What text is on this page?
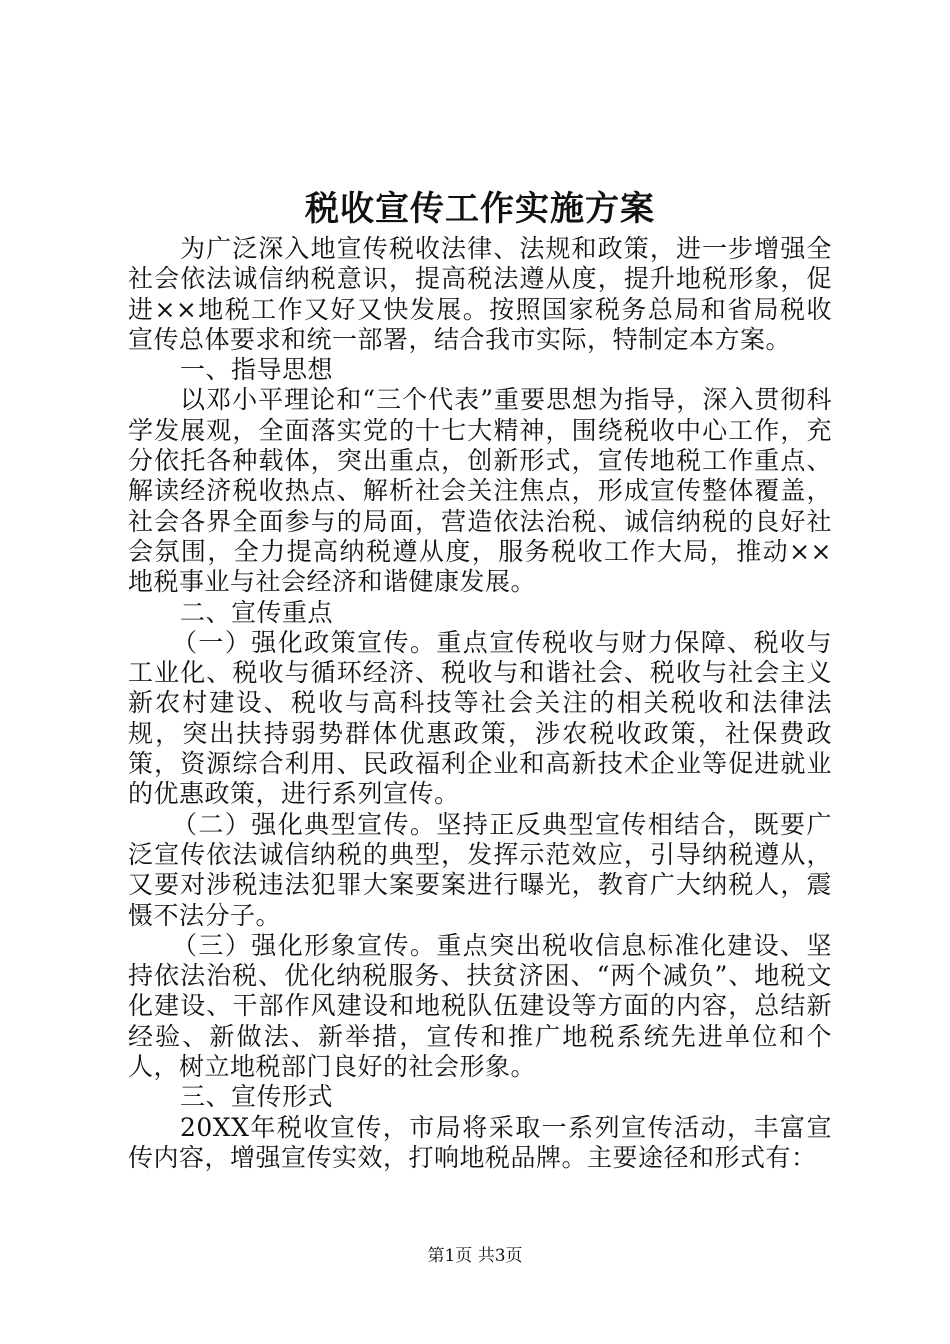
税收宣传工作实施方案

为广泛深入地宣传税收法律、法规和政策，进一步增强全社会依法诚信纳税意识，提高税法遵从度，提升地税形象，促进××地税工作又好又快发展。按照国家税务总局和省局税收宣传总体要求和统一部署，结合我市实际，特制定本方案。

一、指导思想

以邓小平理论和“三个代表”重要思想为指导，深入贯彻科学发展观，全面落实党的十七大精神，围绕税收中心工作，充分依托各种载体，突出重点，创新形式，宣传地税工作重点、解读经济税收热点、解析社会关注焦点，形成宣传整体覆盖，社会各界全面参与的局面，营造依法治税、诚信纳税的良好社会氛围，全力提高纳税遵从度，服务税收工作大局，推动××地税事业与社会经济和谐健康发展。

二、宣传重点

（一）强化政策宣传。重点宣传税收与财力保障、税收与工业化、税收与循环经济、税收与和谐社会、税收与社会主义新农村建设、税收与高科技等社会关注的相关税收和法律法规，突出扶持弱势群体优惠政策，涉农税收政策，社保费政策，资源综合利用、民政福利企业和高新技术企业等促进就业的优惠政策，进行系列宣传。

（二）强化典型宣传。坚持正反典型宣传相结合，既要广泛宣传依法诚信纳税的典型，发挥示范效应，引导纳税遵从，又要对涉税违法犯罪大案要案进行曝光，教育广大纳税人，震慑不法分子。

（三）强化形象宣传。重点突出税收信息标准化建设、坚持依法治税、优化纳税服务、扶贫济困、“两个减负”、地税文化建设、干部作风建设和地税队伍建设等方面的内容，总结新经验、新做法、新举措，宣传和推广地税系统先进单位和个人，树立地税部门良好的社会形象。

三、宣传形式

20XX年税收宣传，市局将采取一系列宣传活动，丰富宣传内容，增强宣传实效，打响地税品牌。主要途径和形式有：

第1页 共3页
